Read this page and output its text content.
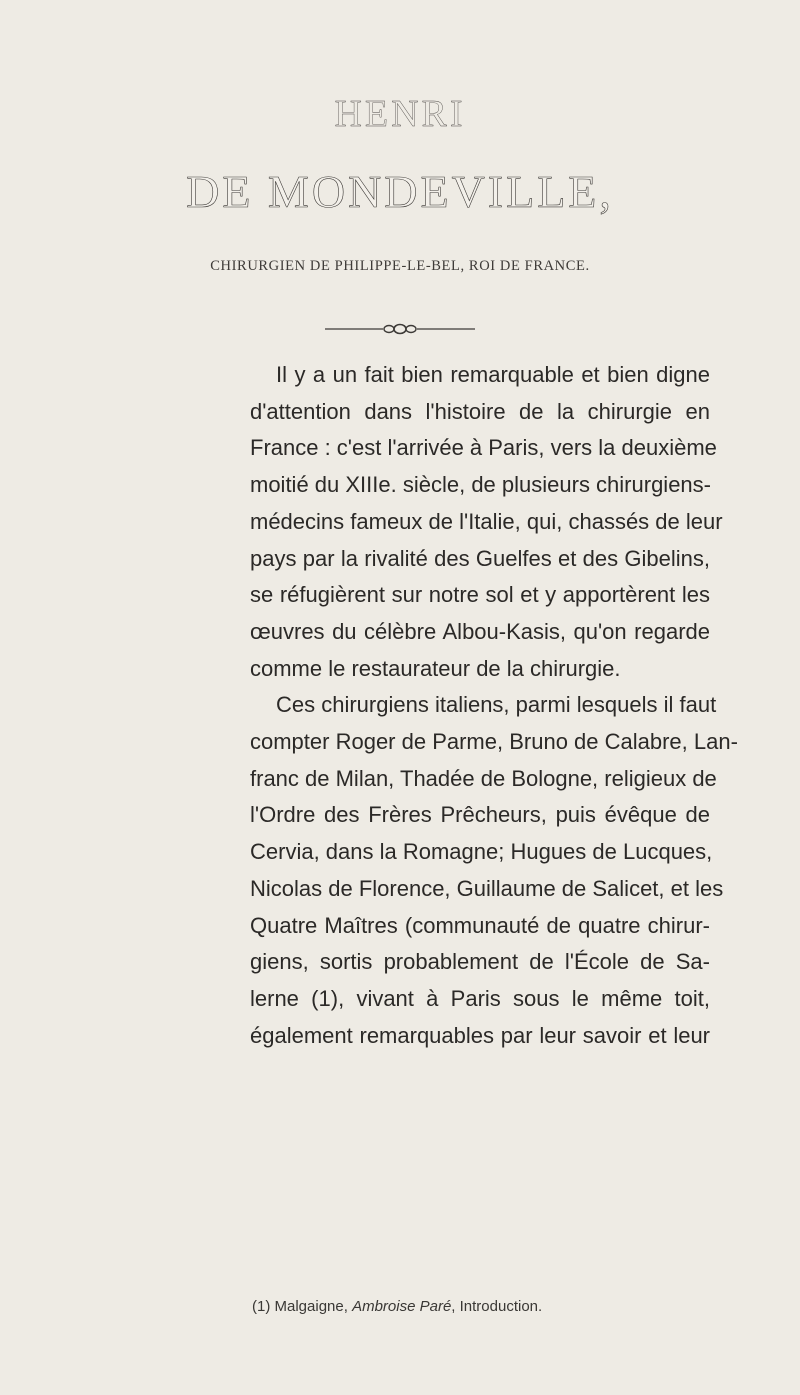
HENRI
DE MONDEVILLE,
CHIRURGIEN DE PHILIPPE-LE-BEL, ROI DE FRANCE.
Il y a un fait bien remarquable et bien digne
d'attention dans l'histoire de la chirurgie en
France : c'est l'arrivée à Paris, vers la deuxième
moitié du XIIIe. siècle, de plusieurs chirurgiens-
médecins fameux de l'Italie, qui, chassés de leur
pays par la rivalité des Guelfes et des Gibelins,
se réfugièrent sur notre sol et y apportèrent les
œuvres du célèbre Albou-Kasis, qu'on regarde
comme le restaurateur de la chirurgie.
Ces chirurgiens italiens, parmi lesquels il faut
compter Roger de Parme, Bruno de Calabre, Lan-
franc de Milan, Thadée de Bologne, religieux de
l'Ordre des Frères Prêcheurs, puis évêque de
Cervia, dans la Romagne; Hugues de Lucques,
Nicolas de Florence, Guillaume de Salicet, et les
Quatre Maîtres (communauté de quatre chirur-
giens, sortis probablement de l'École de Sa-
lerne (1), vivant à Paris sous le même toit,
également remarquables par leur savoir et leur
(1) Malgaigne, Ambroise Paré, Introduction.
